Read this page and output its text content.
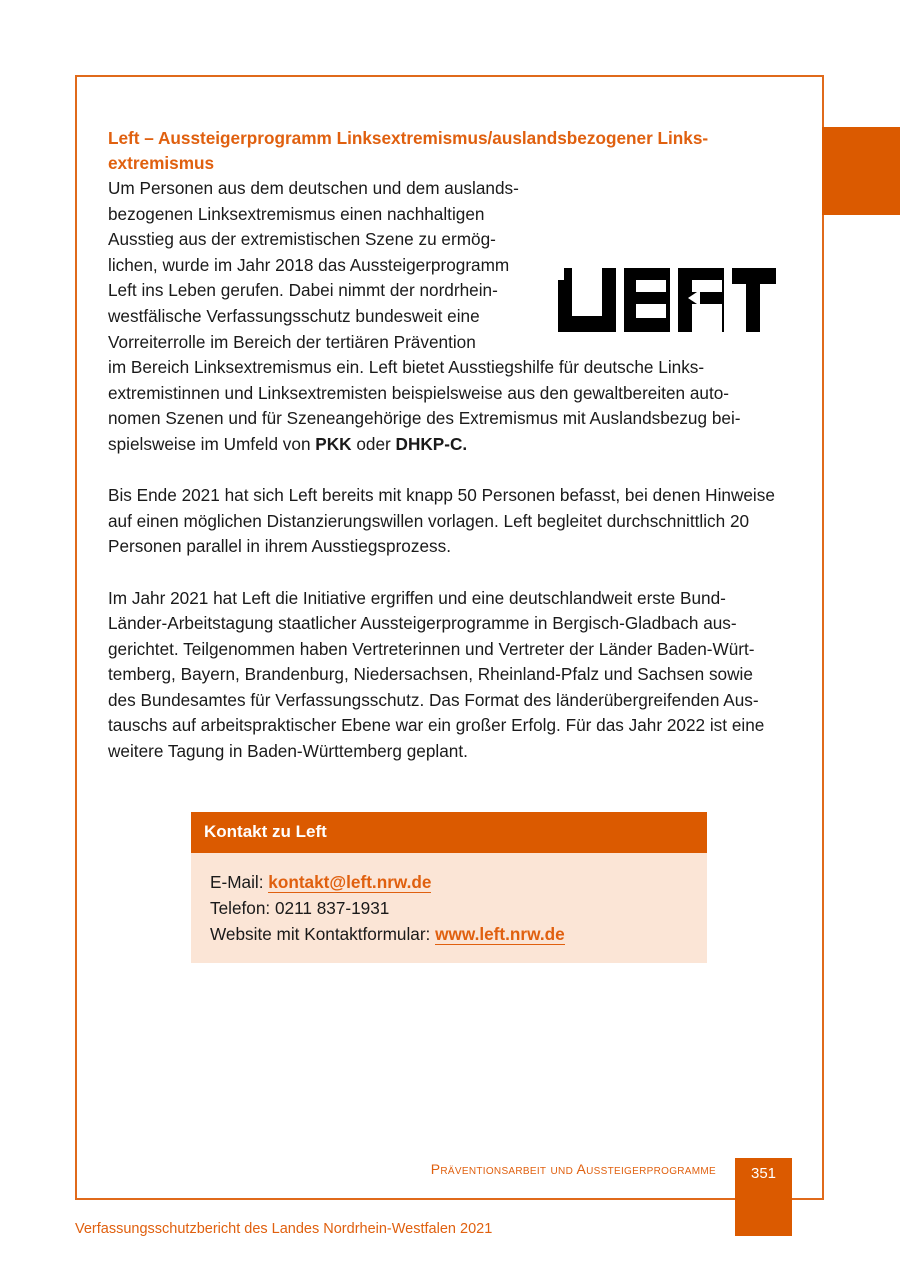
Left – Aussteigerprogramm Linksextremismus/auslandsbezogener Links-extremismus

Um Personen aus dem deutschen und dem auslands-
bezogenen Linksextremismus einen nachhaltigen
Ausstieg aus der extremistischen Szene zu ermög-
lichen, wurde im Jahr 2018 das Aussteigerprogramm
Left ins Leben gerufen. Dabei nimmt der nordrhein-
westfälische Verfassungsschutz bundesweit eine
Vorreiterrolle im Bereich der tertiären Prävention
im Bereich Linksextremismus ein. Left bietet Ausstiegshilfe für deutsche Links-
extremistinnen und Linksextremisten beispielsweise aus den gewaltbereiten auto-
nomen Szenen und für Szeneangehörige des Extremismus mit Auslandsbezug bei-
spielsweise im Umfeld von PKK oder DHKP-C.
Bis Ende 2021 hat sich Left bereits mit knapp 50 Personen befasst, bei denen Hinweise
auf einen möglichen Distanzierungswillen vorlagen. Left begleitet durchschnittlich 20
Personen parallel in ihrem Ausstiegsprozess.
Im Jahr 2021 hat Left die Initiative ergriffen und eine deutschlandweit erste Bund-
Länder-Arbeitstagung staatlicher Aussteigerprogramme in Bergisch-Gladbach aus-
gerichtet. Teilgenommen haben Vertreterinnen und Vertreter der Länder Baden-Würt-
temberg, Bayern, Brandenburg, Niedersachsen, Rheinland-Pfalz und Sachsen sowie
des Bundesamtes für Verfassungsschutz. Das Format des länderübergreifenden Aus-
tauschs auf arbeitspraktischer Ebene war ein großer Erfolg. Für das Jahr 2022 ist eine
weitere Tagung in Baden-Württemberg geplant.
Kontakt zu Left
E-Mail: kontakt@left.nrw.de
Telefon: 0211 837-1931
Website mit Kontaktformular: www.left.nrw.de
Präventionsarbeit und Aussteigerprogramme	351
Verfassungsschutzbericht des Landes Nordrhein-Westfalen 2021
